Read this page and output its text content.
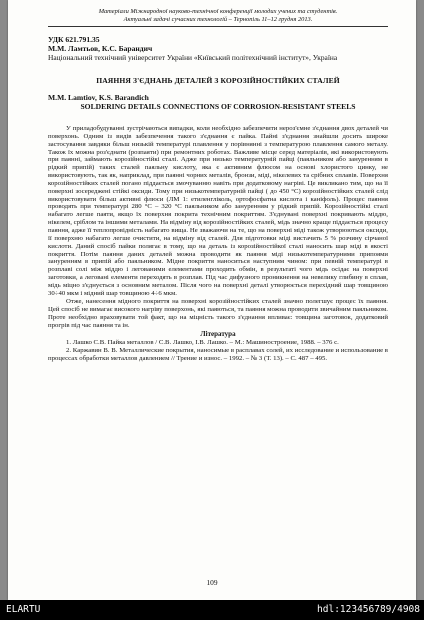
Матеріали Міжнародної науково-технічної конференції молодих учених та студентів.
Актуальні задачі сучасних технологій – Тернопіль 11–12 грудня 2013.
УДК 621.791.35
М.М. Ламтьов, К.С. Барандич
Національний технічний університет України «Київський політехнічний інститут», Україна
ПАЯННЯ З'ЄДНАНЬ ДЕТАЛЕЙ З КОРОЗІЙНОСТІЙКИХ СТАЛЕЙ
M.M. Lamtiov, K.S. Barandich
SOLDERING DETAILS CONNECTIONS OF CORROSION-RESISTANT STEELS

У приладобудуванні зустрічаються випадки, коли необхідно забезпечити нероз'ємне з'єднання двох деталей чи поверхонь. Одним із видів забезпечення такого з'єднання є пайка. Пайні з'єднання знайшли досить широке застосування завдяки більш низькій температурі плавлення у порівнянні з температурою плавлення самого металу. Також їх можна роз'єднати (розпаяти) при ремонтних роботах. Важливе місце серед матеріалів, які використовують при паянні, займають корозійностійкі сталі. Адже при низько температурній пайці (паяльником або зануренням в рідкий припій) таких сталей паяльну кислоту, яка є активним флюсом на основі хлористого цинку, не використовують, так як, наприклад, при паянні чорних металів, бронзи, міді, нікелевих та срібних сплавів. Поверхня корозійностійких сталей погано піддається змочуванню навіть при додатковому нагріві. Це викликано тим, що на її поверхні зосереджені стійкі оксиди. Тому при низькотемпературній пайці ( до 450 °С) корозійностійких сталей слід використовувати більш активні флюси (ЛМ 1: етиленгліколь, ортофосфатна кислота і каніфоль). Процес паяння проводять при температурі 280 °С – 320 °С паяльником або зануренням у рідкий припій. Корозійностійкі сталі набагато легше паяти, якщо їх поверхня покрита технічним покриттям. З'єднувані поверхні покривають міддю, нікелем, сріблом та іншими металами. На відміну від корозійностійких сталей, мідь значно краще піддається процесу паяння, адже її теплопровідність набагато вища. Не зважаючи на те, що на поверхні міді також утворюються оксиди, її поверхню набагато легше очистити, на відміну від сталей. Для підготовки міді вистачить 5 % розчину сірчаної кислоти. Даний спосіб пайки полягає в тому, що на деталь із корозійностійкої сталі наносить шар міді в якості покриття. Потім паяння даних деталей можна проводити як паяння міді низькотемпературними припоями зануренням в припій або паяльником. Мідне покриття наноситься наступним чином: при певній температурі в розплаві солі між міддю і легованими елементами проходить обмін, в результаті чого мідь осідає на поверхні заготовки, а леговані елементи переходять в розплав. Під час дифузного проникнення на невелику глибину в сплав, мідь міцно з'єднується з основним металом. Після чого на поверхні деталі утворюється перехідний шар товщиною 30÷40 мкм і мідний шар товщиною 4÷6 мкм.

Отже, нанесення мідного покриття на поверхні корозійностійких сталей значно полегшує процес їх паяння. Цей спосіб не вимагає високого нагріву поверхонь, які паяються, та паяння можна проводити звичайним паяльником. Проте необхідно враховувати той факт, що на міцність такого з'єднання впливає: товщина заготовок, додатковий прогрів під час паяння та ін.

Література

1. Лашко С.В. Пайка металлов / С.В. Лашко, І.В. Лашко. – М.: Машиностроение, 1988. – 376 с.

2. Каржавин В. В. Металлические покрытия, наносимые в расплавах солей, их исследование и использование в процессах обработки металлов давлением // Трение и износ. – 1992. – № 3 (Т. 13). – С. 487 – 495.

109
ELARTU	hdl:123456789/4908
